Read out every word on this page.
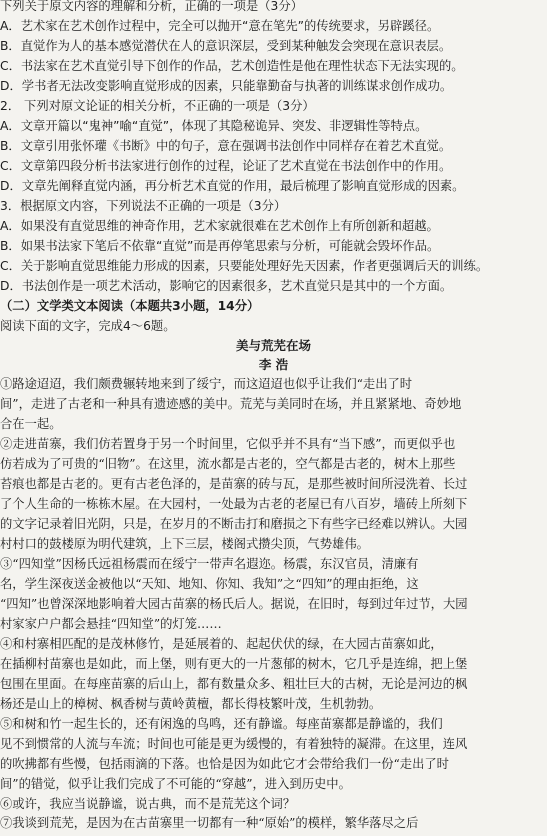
下列关于原文内容的理解和分析，正确的一项是（3分）
A．艺术家在艺术创作过程中，完全可以抛开“意在笔先”的传统要求，另辟蹊径。
B．直觉作为人的基本感觉潜伏在人的意识深层，受到某种触发会突现在意识表层。
C．书法家在艺术直觉引导下创作的作品，艺术创造性是他在理性状态下无法实现的。
D．学书者无法改变影响直觉形成的因素，只能靠勤奋与执著的训练谋求创作成功。
2． 下列对原文论证的相关分析，不正确的一项是（3分）
A．文章开篇以“鬼神”喻“直觉”，体现了其隐秘诡异、突发、非逻辑性等特点。
B．文章引用张怀瓘《书断》中的句子，意在强调书法创作中同样存在着艺术直觉。
C．文章第四段分析书法家进行创作的过程，论证了艺术直觉在书法创作中的作用。
D．文章先阐释直觉内涵，再分析艺术直觉的作用，最后梳理了影响直觉形成的因素。
3．根据原文内容，下列说法不正确的一项是（3分）
A．如果没有直觉思维的神奇作用，艺术家就很难在艺术创作上有所创新和超越。
B．如果书法家下笔后不依靠“直觉”而是再停笔思索与分析，可能就会毁坏作品。
C．关于影响直觉思维能力形成的因素，只要能处理好先天因素，作者更强调后天的训练。
D．书法创作是一项艺术活动，影响它的因素很多，艺术直觉只是其中的一个方面。
（二）文学类文本阅读（本题共3小题，14分）
阅读下面的文字，完成4～6题。
美与荒芜在场
李 浩
①路途迢迢，我们颇费辗转地来到了绥宁，而这迢迢也似乎让我们“走出了时
间”，走进了古老和一种具有遗迹感的美中。荒芜与美同时在场，并且紧紧地、奇妙地
合在一起。
②走进苗寨，我们仿若置身于另一个时间里，它似乎并不具有“当下感”，而更似乎也
仿若成为了可贵的“旧物”。在这里，流水都是古老的，空气都是古老的，树木上那些
苔痕也都是古老的。更有古老色泽的，是苗寨的砖与瓦，是那些被时间所浸洗着、长过
了个人生命的一栋栋木屋。在大园村，一处最为古老的老屋已有八百岁，墙砖上所刻下
的文字记录着旧光阴，只是，在岁月的不断击打和磨损之下有些字已经难以辨认。大园
村村口的鼓楼原为明代建筑，上下三层，楼阁式攒尖顶，气势雄伟。
③“四知堂”因杨氏远祖杨震而在绥宁一带声名遐迩。杨震，东汉官员，清廉有
名，学生深夜送金被他以“天知、地知、你知、我知”之“四知”的理由拒绝，这
“四知”也曾深深地影响着大园古苗寨的杨氏后人。据说，在旧时，每到过年过节，大园
村家家户户都会悬挂“四知堂”的灯笼……
④和村寨相匹配的是茂林修竹，是延展着的、起起伏伏的绿，在大园古苗寨如此，
在插柳村苗寨也是如此，而上堡，则有更大的一片葱郁的树木，它几乎是连绵，把上堡
包围在里面。在每座苗寨的后山上，都有数量众多、粗壮巨大的古树，无论是河边的枫
杨还是山上的樟树、枫香树与黄岭黄檀，都长得枝繁叶茂，生机勃勃。
⑤和树和竹一起生长的，还有闲逸的鸟鸣，还有静谧。每座苗寨都是静谧的，我们
见不到惯常的人流与车流；时间也可能是更为缓慢的，有着独特的凝滞。在这里，连风
的吹拂都有些慢，包括雨滴的下落。也恰是因为如此它才会带给我们一份“走出了时
间”的错觉，似乎让我们完成了不可能的“穿越”，进入到历史中。
⑥或许，我应当说静谧，说古典，而不是荒芜这个词？
⑦我谈到荒芜，是因为在古苗寨里一切都有一种“原始”的模样，繁华落尽之后
